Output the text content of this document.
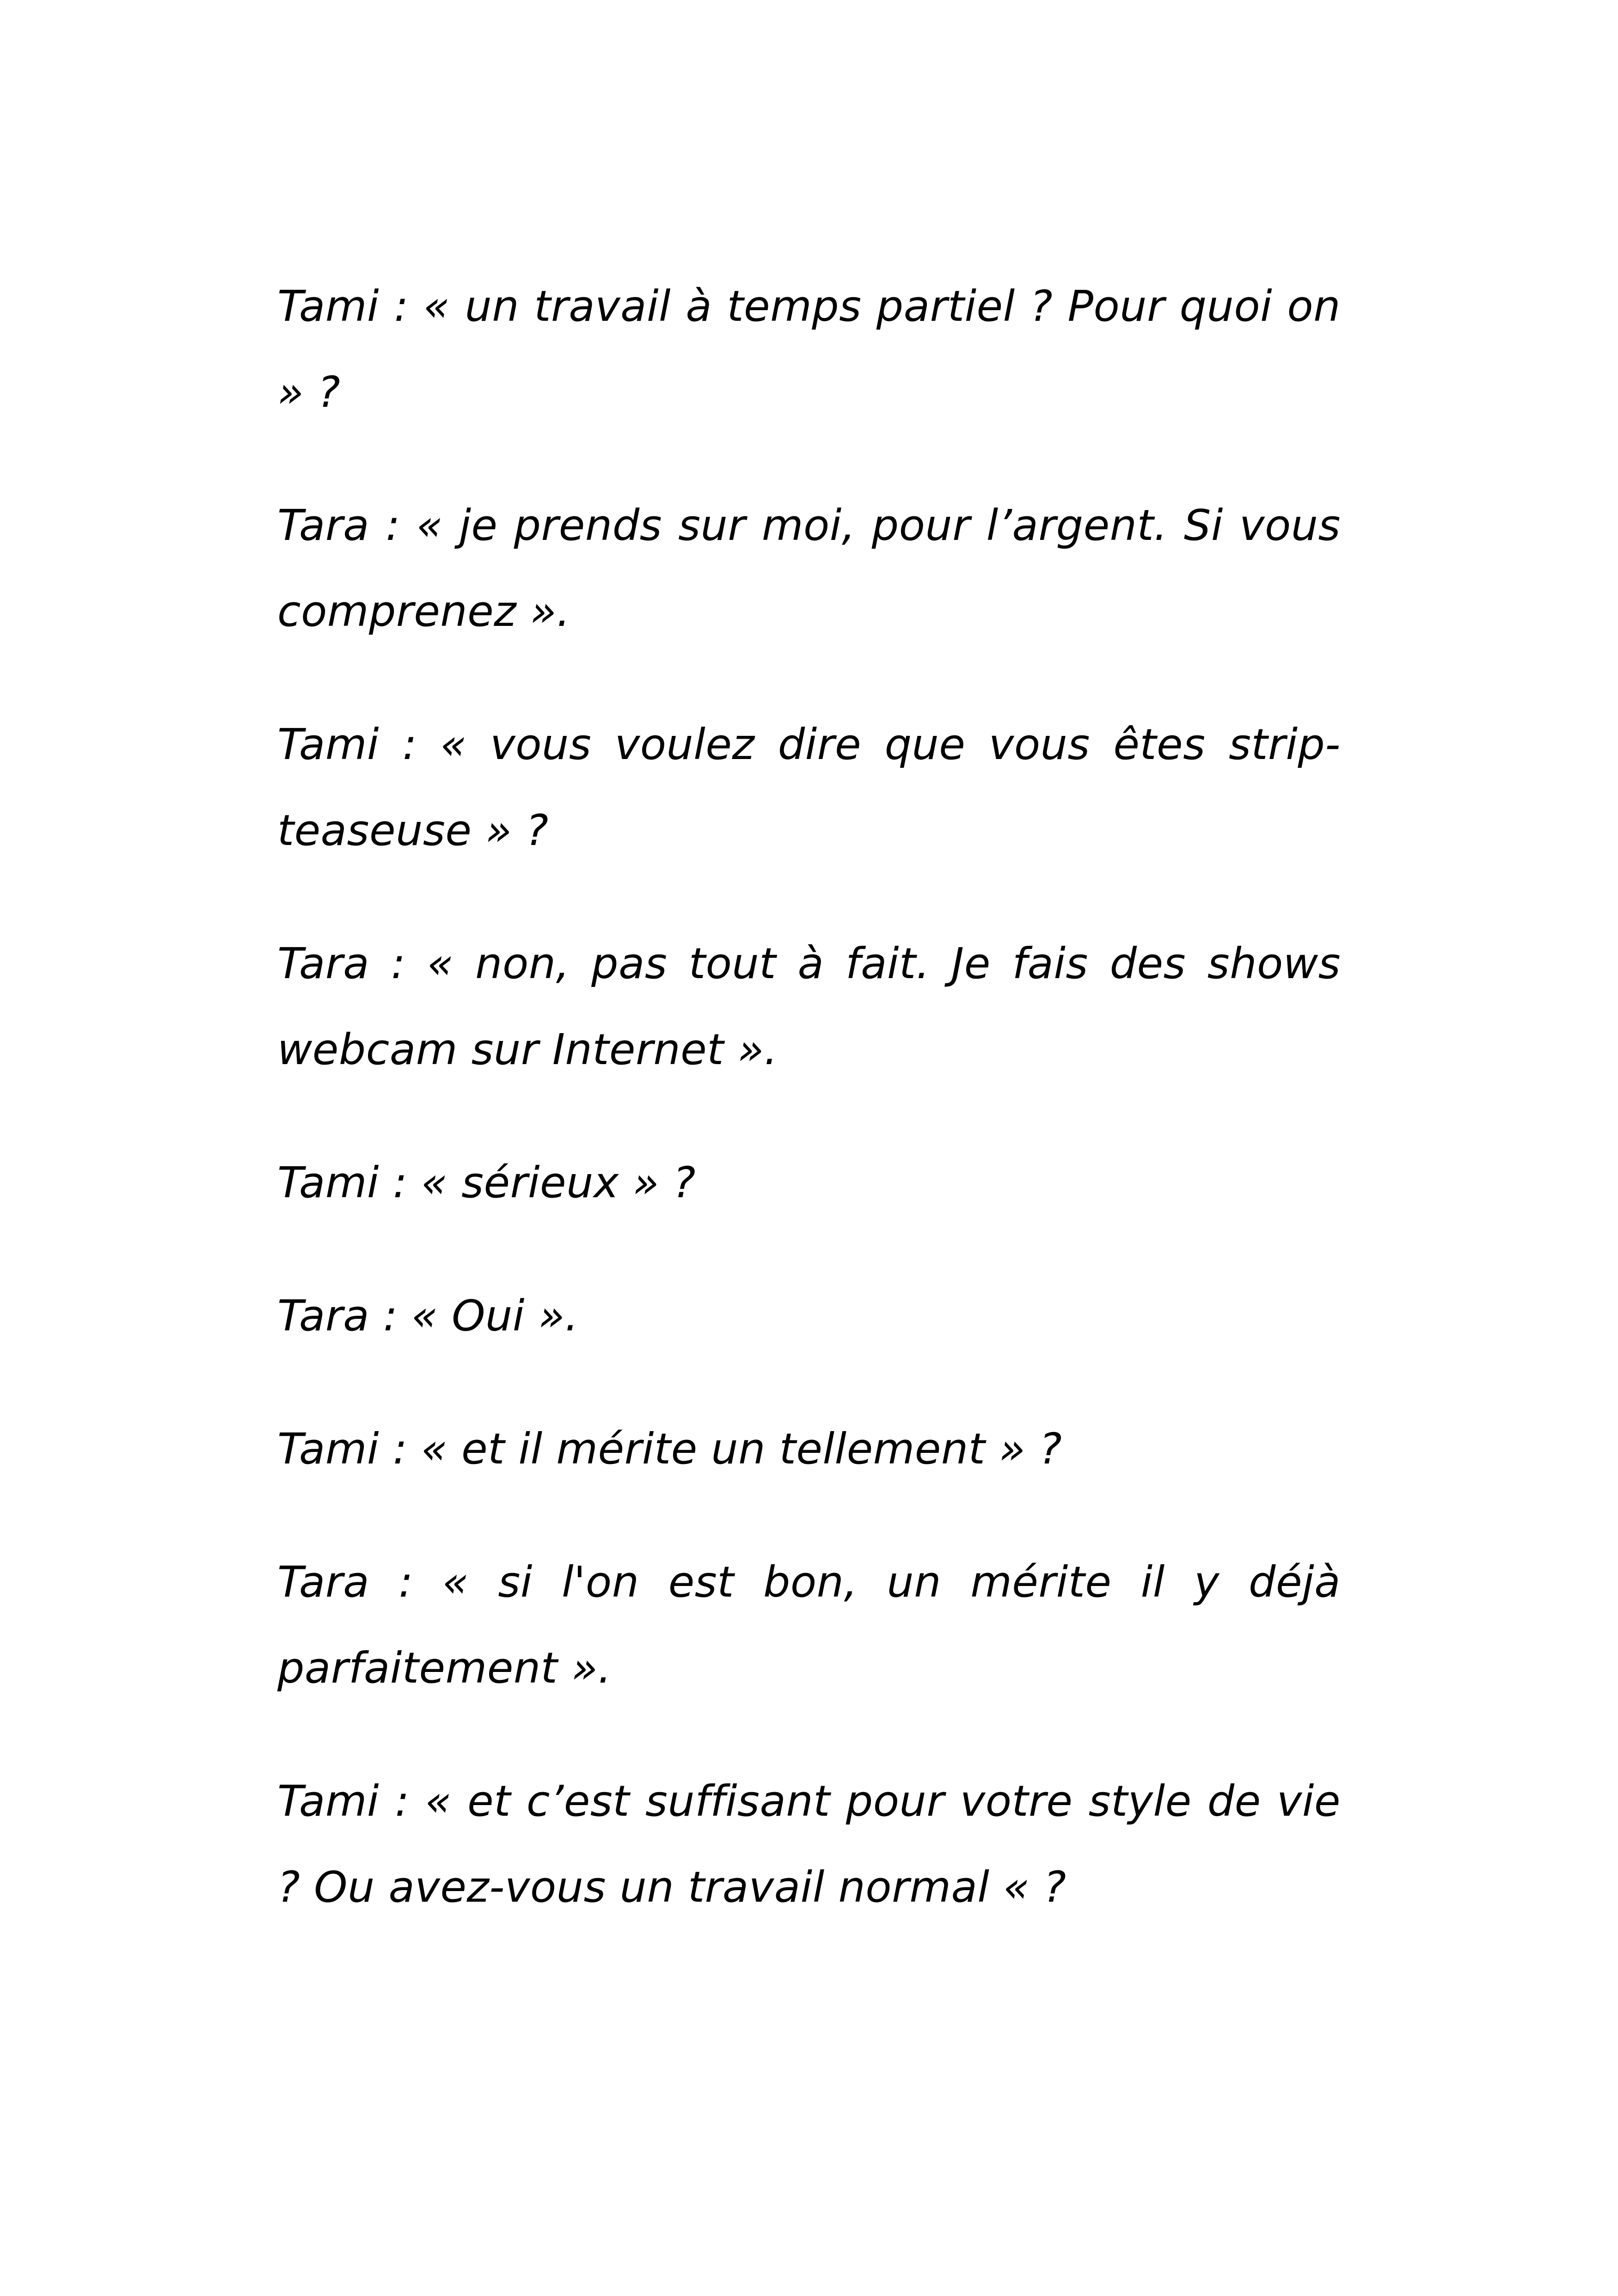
Tami : « un travail à temps partiel ? Pour quoi on » ?

Tara : « je prends sur moi, pour l’argent. Si vous comprenez ».

Tami : « vous voulez dire que vous êtes strip-teaseuse » ?

Tara : « non, pas tout à fait. Je fais des shows webcam sur Internet ».

Tami : « sérieux » ?

Tara : « Oui ».

Tami : « et il mérite un tellement » ?

Tara : « si l'on est bon, un mérite il y déjà parfaitement ».

Tami : « et c’est suffisant pour votre style de vie ? Ou avez-vous un travail normal « ?
